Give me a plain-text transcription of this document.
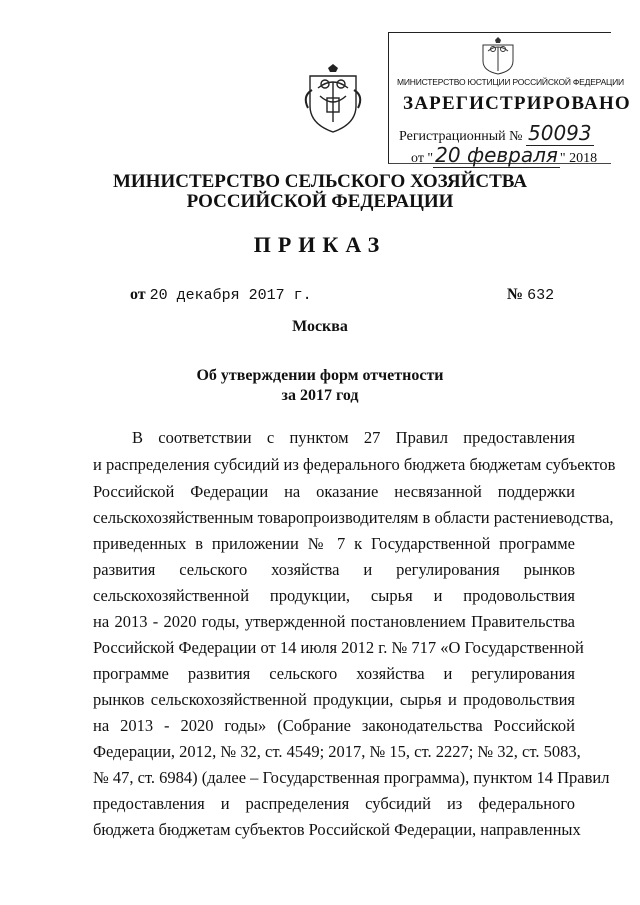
МИНИСТЕРСТВО ЮСТИЦИИ РОССИЙСКОЙ ФЕДЕРАЦИИ
ЗАРЕГИСТРИРОВАНО
Регистрационный № 50093
от " 20 февраля " 2018
МИНИСТЕРСТВО СЕЛЬСКОГО ХОЗЯЙСТВА
РОССИЙСКОЙ ФЕДЕРАЦИИ
ПРИКАЗ
от 20 декабря 2017 г.	№ 632
Москва
Об утверждении форм отчетности
за 2017 год
В соответствии с пунктом 27 Правил предоставления
и распределения субсидий из федерального бюджета бюджетам субъектов
Российской Федерации на оказание несвязанной поддержки
сельскохозяйственным товаропроизводителям в области растениеводства,
приведенных в приложении № 7 к Государственной программе
развития сельского хозяйства и регулирования рынков
сельскохозяйственной продукции, сырья и продовольствия
на 2013 - 2020 годы, утвержденной постановлением Правительства
Российской Федерации от 14 июля 2012 г. № 717 «О Государственной
программе развития сельского хозяйства и регулирования
рынков сельскохозяйственной продукции, сырья и продовольствия
на 2013 - 2020 годы» (Собрание законодательства Российской
Федерации, 2012, № 32, ст. 4549; 2017, № 15, ст. 2227; № 32, ст. 5083,
№ 47, ст. 6984) (далее – Государственная программа), пунктом 14 Правил
предоставления и распределения субсидий из федерального
бюджета бюджетам субъектов Российской Федерации, направленных
